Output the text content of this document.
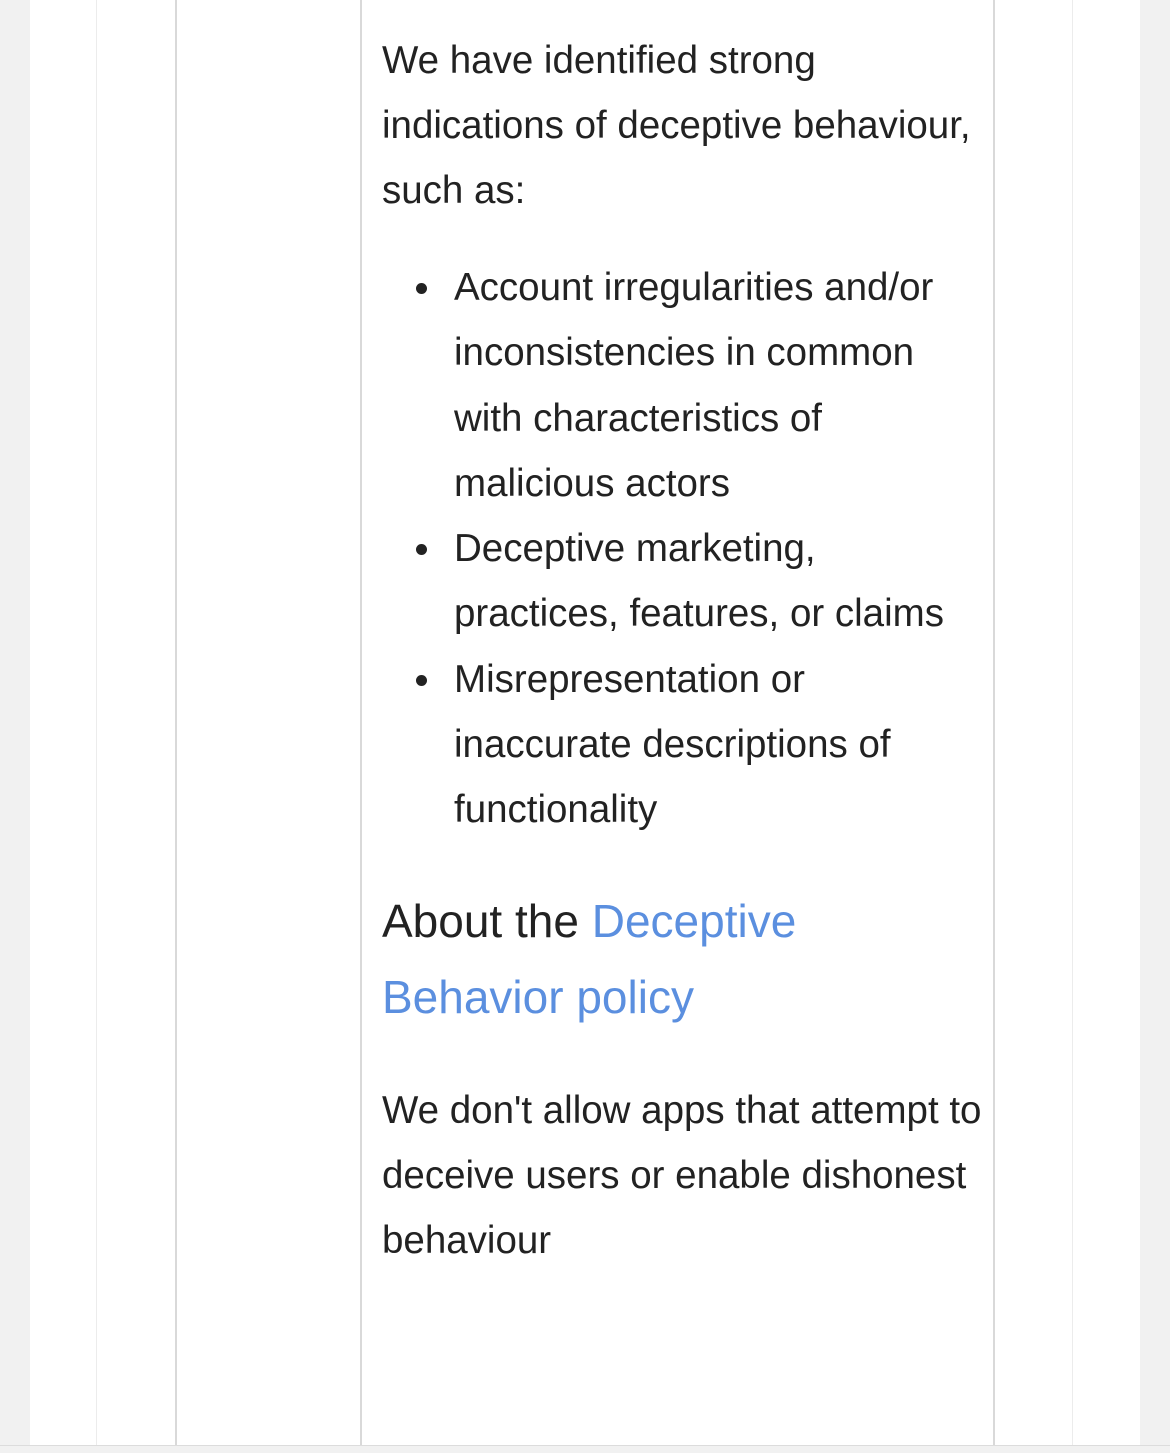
We have identified strong indications of deceptive behaviour, such as:

Account irregularities and/or inconsistencies in common with characteristics of malicious actors
Deceptive marketing, practices, features, or claims
Misrepresentation or inaccurate descriptions of functionality
About the Deceptive Behavior policy

We don't allow apps that attempt to deceive users or enable dishonest behaviour
